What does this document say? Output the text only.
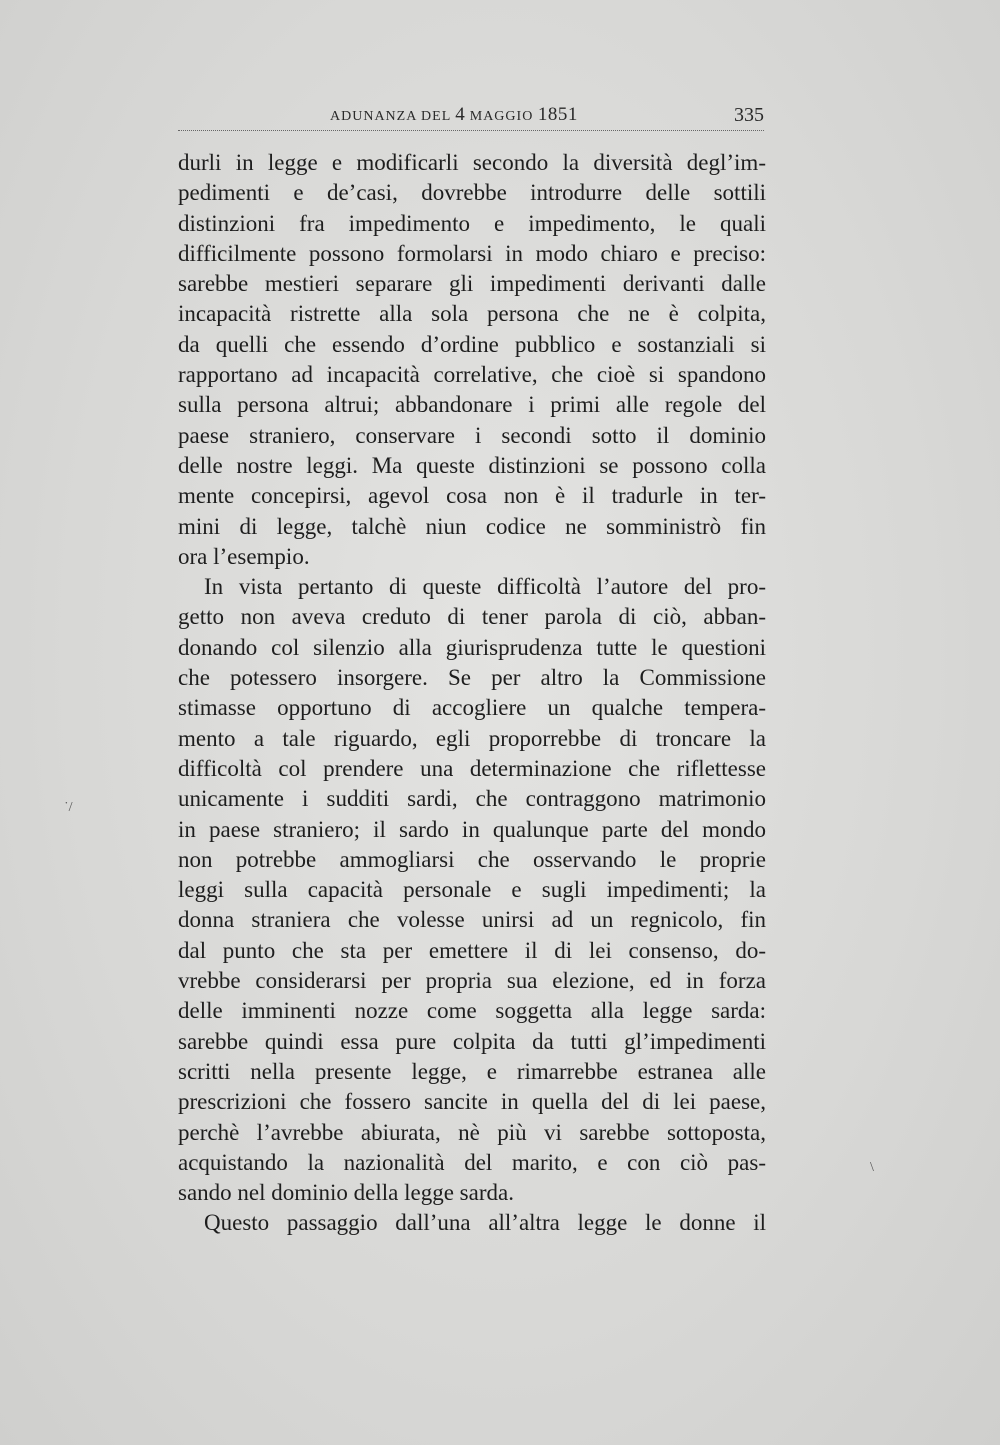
ADUNANZA DEL 4 MAGGIO 1851	335
durli in legge e modificarli secondo la diversità degl’im-
pedimenti e de’casi, dovrebbe introdurre delle sottili
distinzioni fra impedimento e impedimento, le quali
difficilmente possono formolarsi in modo chiaro e preciso:
sarebbe mestieri separare gli impedimenti derivanti dalle
incapacità ristrette alla sola persona che ne è colpita,
da quelli che essendo d’ordine pubblico e sostanziali si
rapportano ad incapacità correlative, che cioè si spandono
sulla persona altrui; abbandonare i primi alle regole del
paese straniero, conservare i secondi sotto il dominio
delle nostre leggi. Ma queste distinzioni se possono colla
mente concepirsi, agevol cosa non è il tradurle in ter-
mini di legge, talchè niun codice ne somministrò fin
ora l’esempio.
In vista pertanto di queste difficoltà l’autore del pro-
getto non aveva creduto di tener parola di ciò, abban-
donando col silenzio alla giurisprudenza tutte le questioni
che potessero insorgere. Se per altro la Commissione
stimasse opportuno di accogliere un qualche tempera-
mento a tale riguardo, egli proporrebbe di troncare la
difficoltà col prendere una determinazione che riflettesse
unicamente i sudditi sardi, che contraggono matrimonio
in paese straniero; il sardo in qualunque parte del mondo
non potrebbe ammogliarsi che osservando le proprie
leggi sulla capacità personale e sugli impedimenti; la
donna straniera che volesse unirsi ad un regnicolo, fin
dal punto che sta per emettere il di lei consenso, do-
vrebbe considerarsi per propria sua elezione, ed in forza
delle imminenti nozze come soggetta alla legge sarda:
sarebbe quindi essa pure colpita da tutti gl’impedimenti
scritti nella presente legge, e rimarrebbe estranea alle
prescrizioni che fossero sancite in quella del di lei paese,
perchè l’avrebbe abiurata, nè più vi sarebbe sottoposta,
acquistando la nazionalità del marito, e con ciò pas-
sando nel dominio della legge sarda.
Questo passaggio dall’una all’altra legge le donne il
˙/
\
